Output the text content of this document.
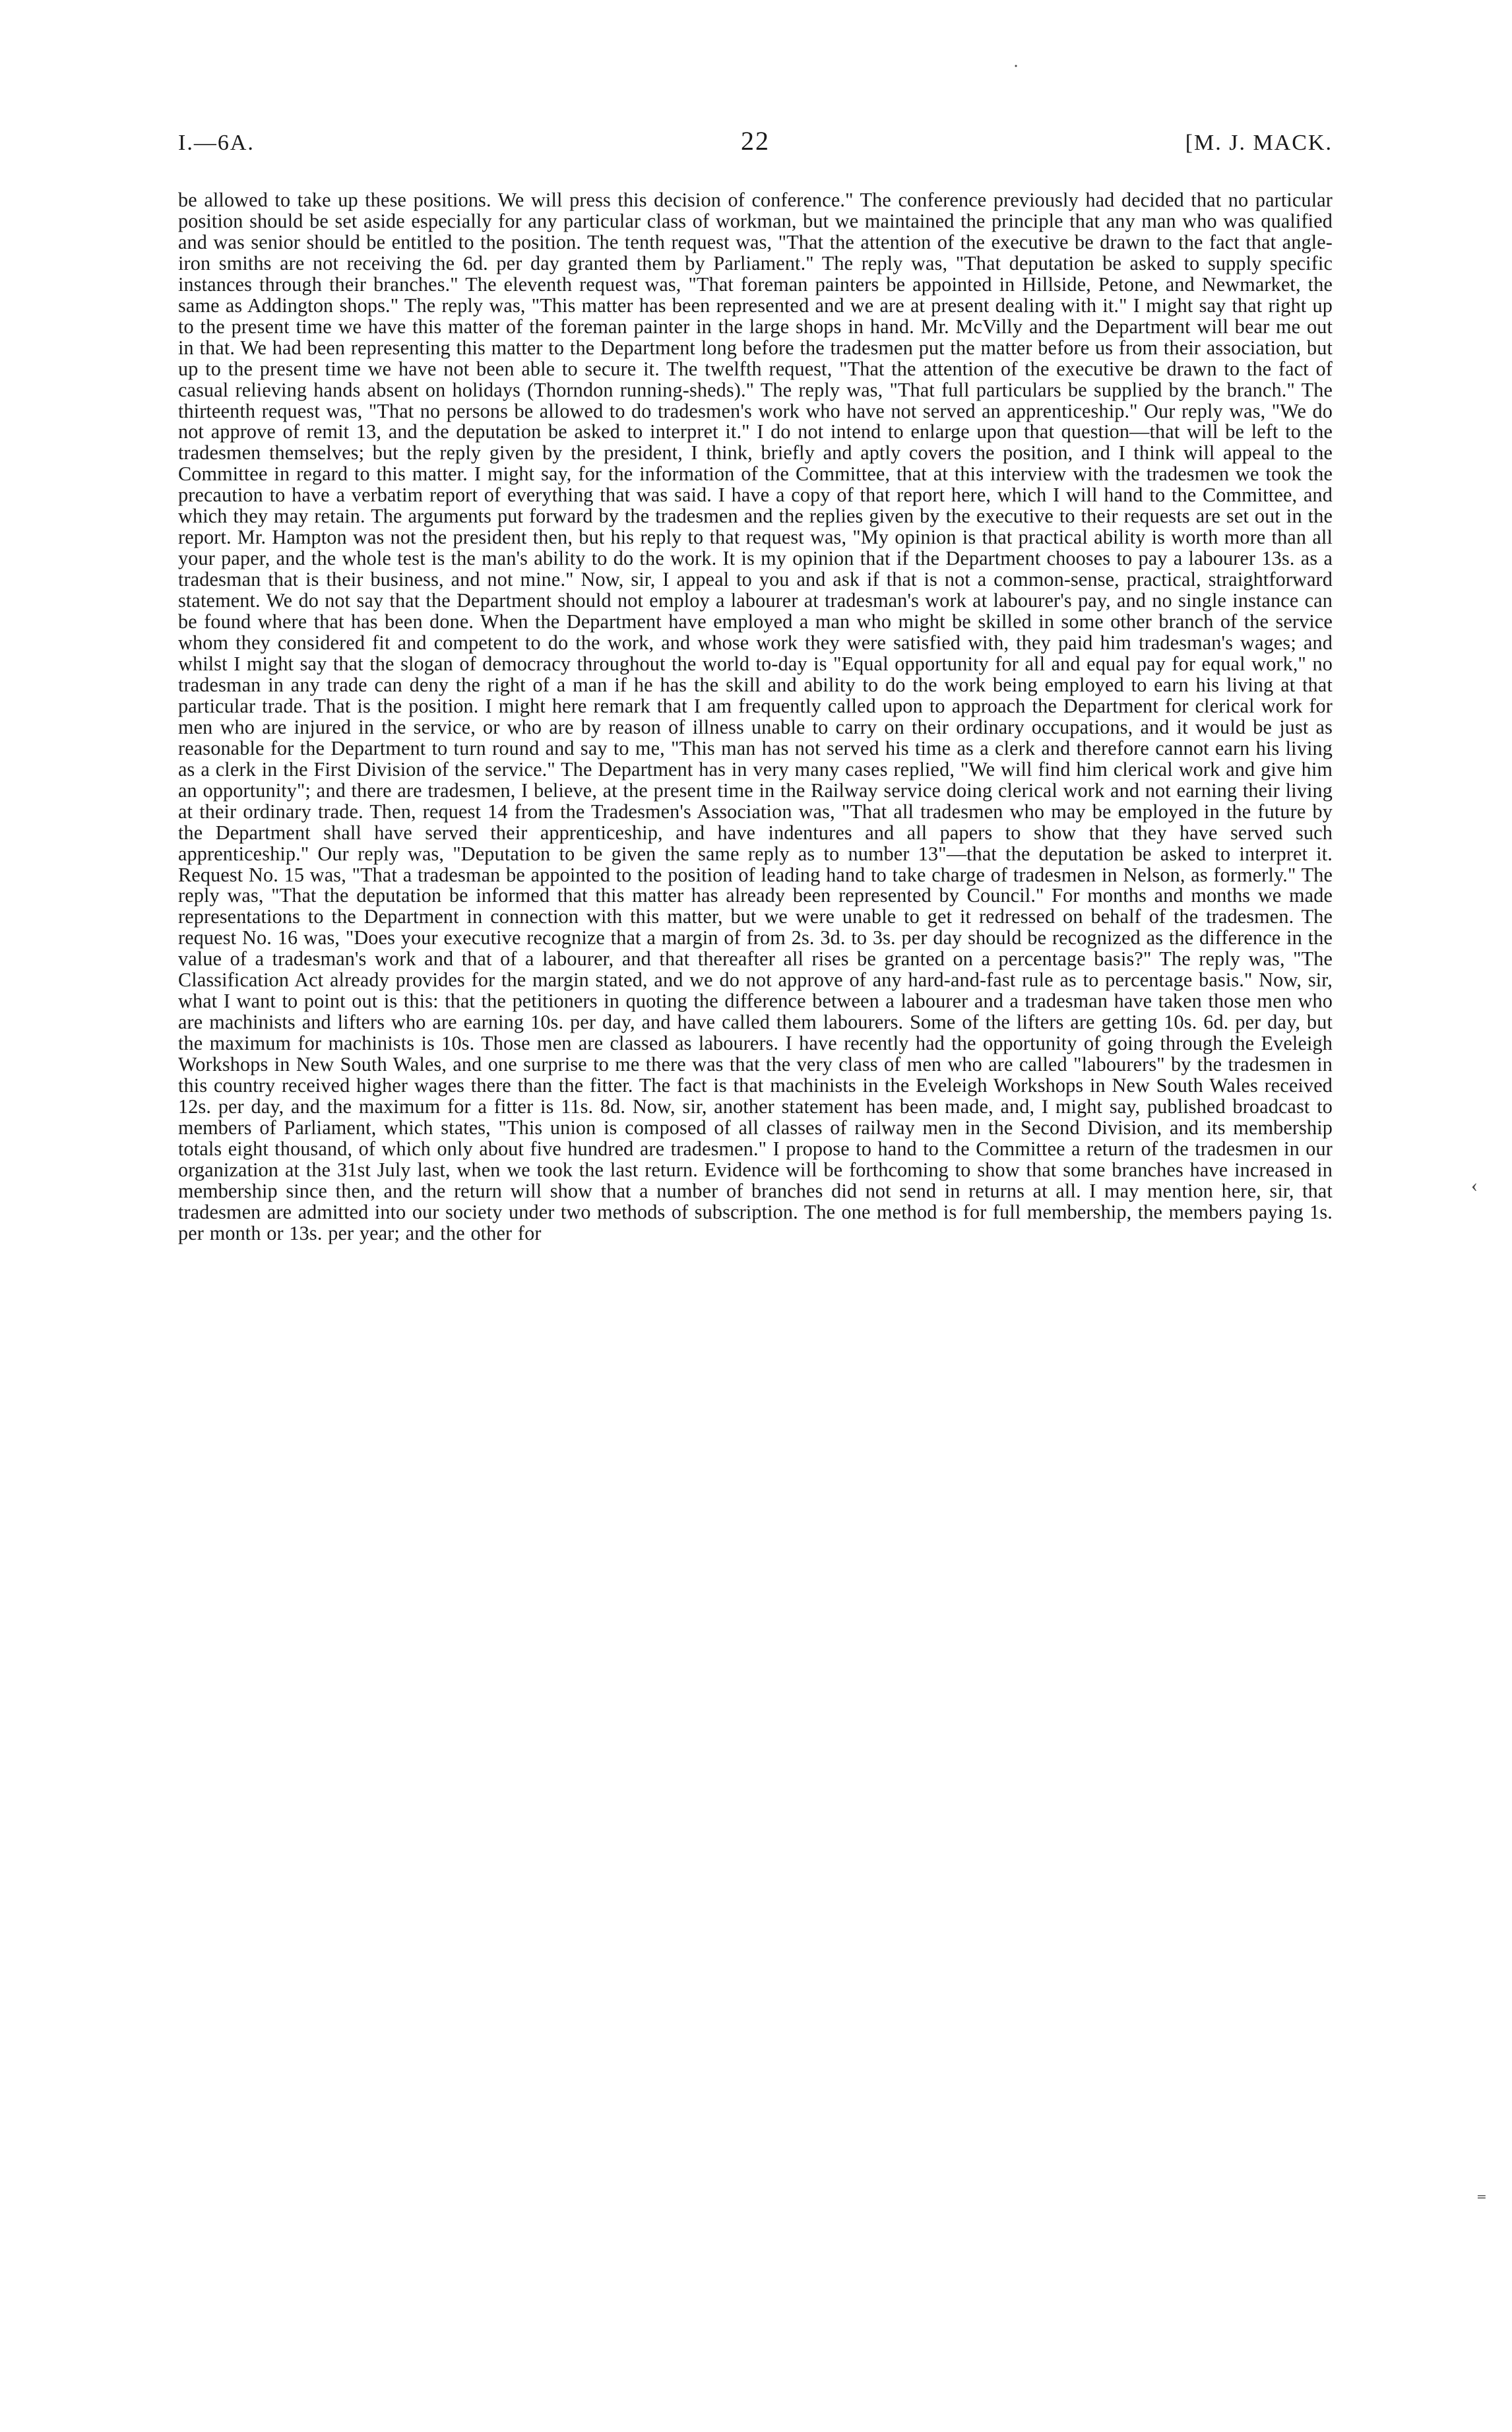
I.—6A.	22	[M. J. MACK.

be allowed to take up these positions. We will press this decision of conference." The conference previously had decided that no particular position should be set aside especially for any particular class of workman, but we maintained the principle that any man who was qualified and was senior should be entitled to the position. The tenth request was, "That the attention of the executive be drawn to the fact that angle-iron smiths are not receiving the 6d. per day granted them by Parliament." The reply was, "That deputation be asked to supply specific instances through their branches." The eleventh request was, "That foreman painters be appointed in Hillside, Petone, and Newmarket, the same as Addington shops." The reply was, "This matter has been represented and we are at present dealing with it." I might say that right up to the present time we have this matter of the foreman painter in the large shops in hand. Mr. McVilly and the Department will bear me out in that. We had been representing this matter to the Department long before the tradesmen put the matter before us from their association, but up to the present time we have not been able to secure it. The twelfth request, "That the attention of the executive be drawn to the fact of casual relieving hands absent on holidays (Thorndon running-sheds)." The reply was, "That full particulars be supplied by the branch." The thirteenth request was, "That no persons be allowed to do tradesmen's work who have not served an apprenticeship." Our reply was, "We do not approve of remit 13, and the deputation be asked to interpret it." I do not intend to enlarge upon that question—that will be left to the tradesmen themselves; but the reply given by the president, I think, briefly and aptly covers the position, and I think will appeal to the Committee in regard to this matter. I might say, for the information of the Committee, that at this interview with the tradesmen we took the precaution to have a verbatim report of everything that was said. I have a copy of that report here, which I will hand to the Committee, and which they may retain. The arguments put forward by the tradesmen and the replies given by the executive to their requests are set out in the report. Mr. Hampton was not the president then, but his reply to that request was, "My opinion is that practical ability is worth more than all your paper, and the whole test is the man's ability to do the work. It is my opinion that if the Department chooses to pay a labourer 13s. as a tradesman that is their business, and not mine." Now, sir, I appeal to you and ask if that is not a common-sense, practical, straightforward statement. We do not say that the Department should not employ a labourer at tradesman's work at labourer's pay, and no single instance can be found where that has been done. When the Department have employed a man who might be skilled in some other branch of the service whom they considered fit and competent to do the work, and whose work they were satisfied with, they paid him tradesman's wages; and whilst I might say that the slogan of democracy throughout the world to-day is "Equal opportunity for all and equal pay for equal work," no tradesman in any trade can deny the right of a man if he has the skill and ability to do the work being employed to earn his living at that particular trade. That is the position. I might here remark that I am frequently called upon to approach the Department for clerical work for men who are injured in the service, or who are by reason of illness unable to carry on their ordinary occupations, and it would be just as reasonable for the Department to turn round and say to me, "This man has not served his time as a clerk and therefore cannot earn his living as a clerk in the First Division of the service." The Department has in very many cases replied, "We will find him clerical work and give him an opportunity"; and there are tradesmen, I believe, at the present time in the Railway service doing clerical work and not earning their living at their ordinary trade. Then, request 14 from the Tradesmen's Association was, "That all tradesmen who may be employed in the future by the Department shall have served their apprenticeship, and have indentures and all papers to show that they have served such apprenticeship." Our reply was, "Deputation to be given the same reply as to number 13"—that the deputation be asked to interpret it. Request No. 15 was, "That a tradesman be appointed to the position of leading hand to take charge of tradesmen in Nelson, as formerly." The reply was, "That the deputation be informed that this matter has already been represented by Council." For months and months we made representations to the Department in connection with this matter, but we were unable to get it redressed on behalf of the tradesmen. The request No. 16 was, "Does your executive recognize that a margin of from 2s. 3d. to 3s. per day should be recognized as the difference in the value of a tradesman's work and that of a labourer, and that thereafter all rises be granted on a percentage basis?" The reply was, "The Classification Act already provides for the margin stated, and we do not approve of any hard-and-fast rule as to percentage basis." Now, sir, what I want to point out is this: that the petitioners in quoting the difference between a labourer and a tradesman have taken those men who are machinists and lifters who are earning 10s. per day, and have called them labourers. Some of the lifters are getting 10s. 6d. per day, but the maximum for machinists is 10s. Those men are classed as labourers. I have recently had the opportunity of going through the Eveleigh Workshops in New South Wales, and one surprise to me there was that the very class of men who are called "labourers" by the tradesmen in this country received higher wages there than the fitter. The fact is that machinists in the Eveleigh Workshops in New South Wales received 12s. per day, and the maximum for a fitter is 11s. 8d. Now, sir, another statement has been made, and, I might say, published broadcast to members of Parliament, which states, "This union is composed of all classes of railway men in the Second Division, and its membership totals eight thousand, of which only about five hundred are tradesmen." I propose to hand to the Committee a return of the tradesmen in our organization at the 31st July last, when we took the last return. Evidence will be forthcoming to show that some branches have increased in membership since then, and the return will show that a number of branches did not send in returns at all. I may mention here, sir, that tradesmen are admitted into our society under two methods of subscription. The one method is for full membership, the members paying 1s. per month or 13s. per year; and the other for

˙
‹
⁼
